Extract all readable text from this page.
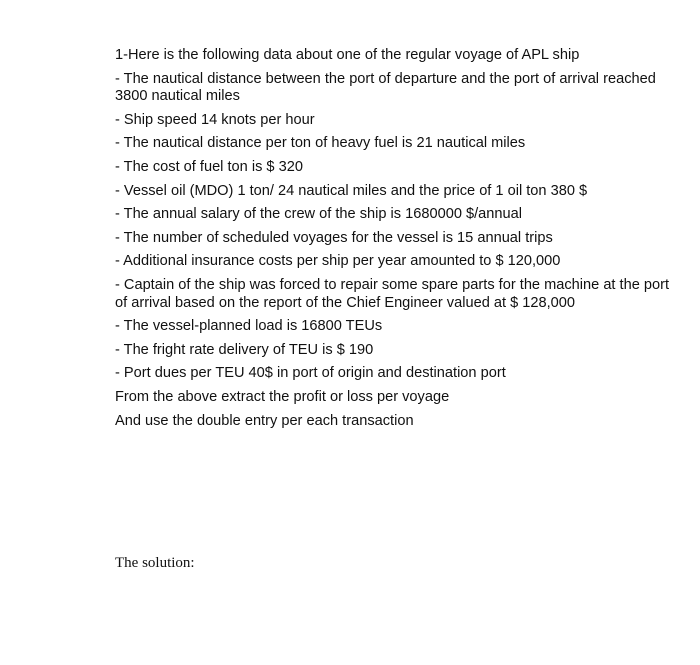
1-Here is the following data about one of the regular voyage of APL ship
- The nautical distance between the port of departure and the port of arrival reached 3800 nautical miles
- Ship speed 14 knots per hour
- The nautical distance per ton of heavy fuel is 21 nautical miles
- The cost of fuel ton is $ 320
- Vessel oil (MDO) 1 ton/ 24 nautical miles and the price of 1 oil ton 380 $
- The annual salary of the crew of the ship is 1680000 $/annual
- The number of scheduled voyages for the vessel is 15 annual trips
- Additional insurance costs per ship per year amounted to $ 120,000
- Captain of the ship was forced to repair some spare parts for the machine at the port of arrival based on the report of the Chief Engineer valued at $ 128,000
- The vessel-planned load is 16800 TEUs
- The fright rate delivery of TEU is $ 190
- Port dues per TEU 40$ in port of origin and destination port
From the above extract the profit or loss per voyage
And use the double entry per each transaction
The solution:
